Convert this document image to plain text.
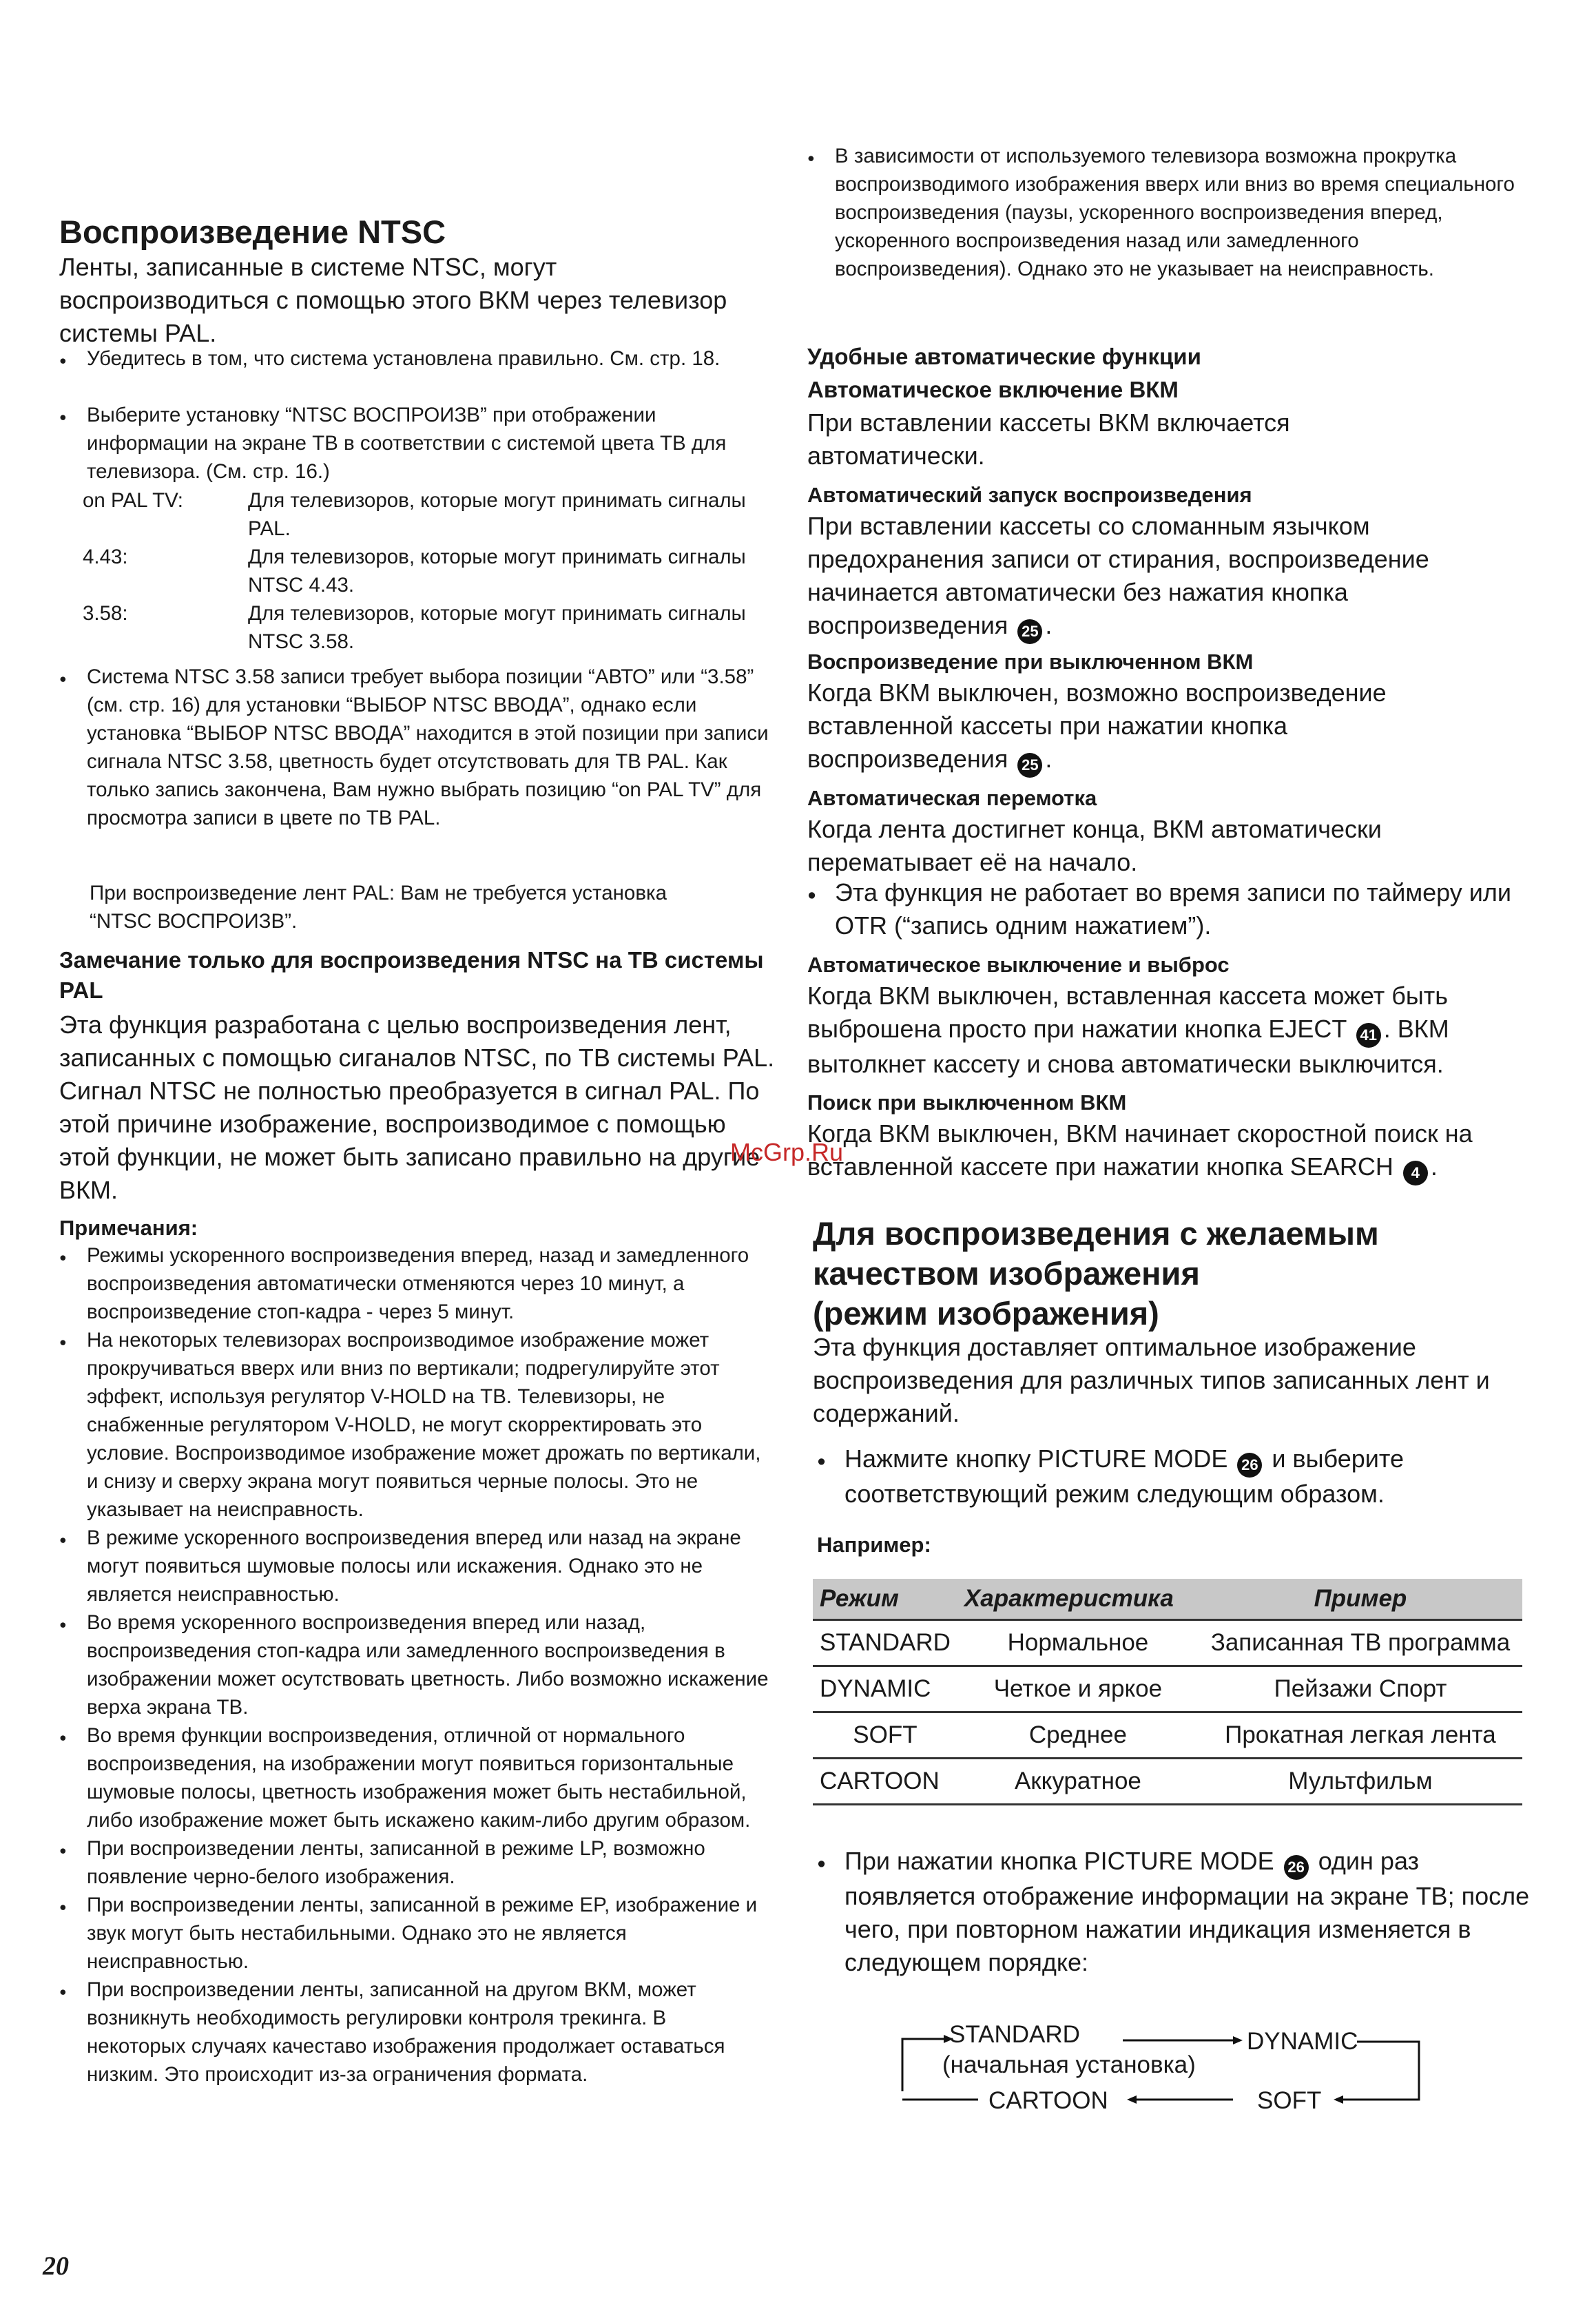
Воспроизведение NTSC

Ленты, записанные в системе NTSC, могут воспроизводиться с помощью этого ВКМ через телевизор системы PAL.

● Убедитесь в том, что система установлена правильно. См. стр. 18.

● Выберите установку “NTSC ВОСПРОИЗВ” при отображении информации на экране ТВ в соответствии с системой цвета ТВ для телевизора. (См. стр. 16.)

on PAL TV:	Для телевизоров, которые могут принимать сигналы PAL.
4.43:	Для телевизоров, которые могут принимать сигналы NTSC 4.43.
3.58:	Для телевизоров, которые могут принимать сигналы NTSC 3.58.

● Система NTSC 3.58 записи требует выбора позиции “АВТО” или “3.58” (см. стр. 16) для установки “ВЫБОР NTSC ВВОДА”, однако если установка “ВЫБОР NTSC ВВОДА” находится в этой позиции при записи сигнала NTSC 3.58, цветность будет отсутствовать для ТВ PAL. Как только запись закончена, Вам нужно выбрать позицию “on PAL TV” для просмотра записи в цвете по ТВ PAL.

При воспроизведение лент PAL: Вам не требуется установка “NTSC ВОСПРОИЗВ”.

Замечание только для воспроизведения NTSC на ТВ системы PAL

Эта функция разработана с целью воспроизведения лент, записанных с помощью сиганалов NTSC, по ТВ системы PAL. Сигнал NTSC не полностью преобразуется в сигнал PAL. По этой причине изображение, воспроизводимое с помощью этой функции, не может быть записано правильно на другие ВКМ.

Примечания:

● Режимы ускоренного воспроизведения вперед, назад и замедленного воспроизведения автоматически отменяются через 10 минут, а воспроизведение стоп-кадра - через 5 минут.

● На некоторых телевизорах воспроизводимое изображение может прокручиваться вверх или вниз по вертикали; подрегулируйте этот эффект, используя регулятор V-HOLD на ТВ. Телевизоры, не снабженные регулятором V-HOLD, не могут скорректировать это условие. Воспроизводимое изображение может дрожать по вертикали, и снизу и сверху экрана могут появиться черные полосы. Это не указывает на неисправность.

● В режиме ускоренного воспроизведения вперед или назад на экране могут появиться шумовые полосы или искажения. Однако это не является неисправностью.

● Во время ускоренного воспроизведения вперед или назад, воспроизведения стоп-кадра или замедленного воспроизведения в изображении может осутствовать цветность. Либо возможно искажение верха экрана ТВ.

● Во время функции воспроизведения, отличной от нормального воспроизведения, на изображении могут появиться горизонтальные шумовые полосы, цветность изображения может быть нестабильной, либо изображение может быть искажено каким-либо другим образом.

● При воспроизведении ленты, записанной в режиме LP, возможно появление черно-белого изображения.

● При воспроизведении ленты, записанной в режиме EP, изображение и звук могут быть нестабильными. Однако это не является неисправностью.

● При воспроизведении ленты, записанной на другом ВКМ, может возникнуть необходимость регулировки контроля трекинга. В некоторых случаях качеставо изображения продолжает оставаться низким. Это происходит из-за ограничения формата.

● В зависимости от используемого телевизора возможна прокрутка воспроизводимого изображения вверх или вниз во время специального воспроизведения (паузы, ускоренного воспроизведения вперед, ускоренного воспроизведения назад или замедленного воспроизведения). Однако это не указывает на неисправность.

Удобные автоматические функции
Автоматическое включение ВКМ

При вставлении кассеты ВКМ включается автоматически.

Автоматический запуск воспроизведения

При вставлении кассеты со сломанным язычком предохранения записи от стирания, воспроизведение начинается автоматически без нажатия кнопка воспроизведения 25 .

Воспроизведение при выключенном ВКМ

Когда ВКМ выключен, возможно воспроизведение вставленной кассеты при нажатии кнопка воспроизведения 25 .

Автоматическая перемотка

Когда лента достигнет конца, ВКМ автоматически перематывает её на начало.

● Эта функция не работает во время записи по таймеру или OTR (“запись одним нажатием”).

Автоматическое выключение и выброс

Когда ВКМ выключен, вставленная кассета может быть выброшена просто при нажатии кнопка EJECT 41 . ВКМ вытолкнет кассету и снова автоматически выключится.

Поиск при выключенном ВКМ

Когда ВКМ выключен, ВКМ начинает скоростной поиск на вставленной кассете при нажатии кнопка SEARCH 4 .

Для воспроизведения с желаемым
качеством изображения
(режим изображения)

Эта функция доставляет оптимальное изображение воспроизведения для различных типов записанных лент и содержаний.

● Нажмите кнопку PICTURE MODE 26 и выберите соответствующий режим следующим образом.

Например:
Режим	Характеристика	Пример
STANDARD	Нормальное	Записанная ТВ программа
DYNAMIC	Четкое и яркое	Пейзажи Спорт
SOFT	Среднее	Прокатная легкая лента
CARTOON	Аккуратное	Мультфильм

● При нажатии кнопка PICTURE MODE 26 один раз появляется отображение информации на экране ТВ; после чего, при повторном нажатии индикация изменяется в следующем порядке:

STANDARD
(начальная установка)
DYNAMIC
SOFT
CARTOON
McGrp.Ru
20
